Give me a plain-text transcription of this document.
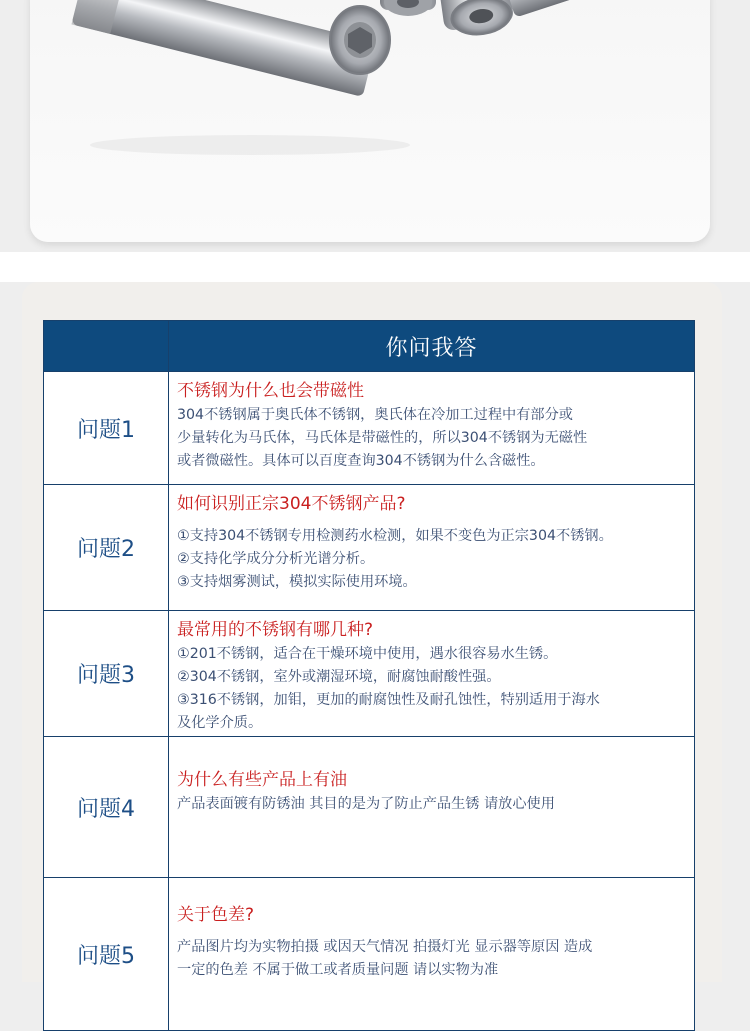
	你问我答
问题1	不锈钢为什么也会带磁性
304不锈钢属于奥氏体不锈钢，奥氏体在冷加工过程中有部分或
少量转化为马氏体，马氏体是带磁性的，所以304不锈钢为无磁性
或者微磁性。具体可以百度查询304不锈钢为什么含磁性。

问题2	如何识别正宗304不锈钢产品?
①支持304不锈钢专用检测药水检测，如果不变色为正宗304不锈钢。
②支持化学成分分析光谱分析。
③支持烟雾测试，模拟实际使用环境。

问题3	最常用的不锈钢有哪几种?
①201不锈钢，适合在干燥环境中使用，遇水很容易水生锈。
②304不锈钢，室外或潮湿环境，耐腐蚀耐酸性强。
③316不锈钢，加钼，更加的耐腐蚀性及耐孔蚀性，特别适用于海水
及化学介质。

问题4	为什么有些产品上有油
产品表面镀有防锈油 其目的是为了防止产品生锈 请放心使用

问题5	关于色差?
产品图片均为实物拍摄 或因天气情况 拍摄灯光 显示器等原因 造成
一定的色差 不属于做工或者质量问题 请以实物为准
